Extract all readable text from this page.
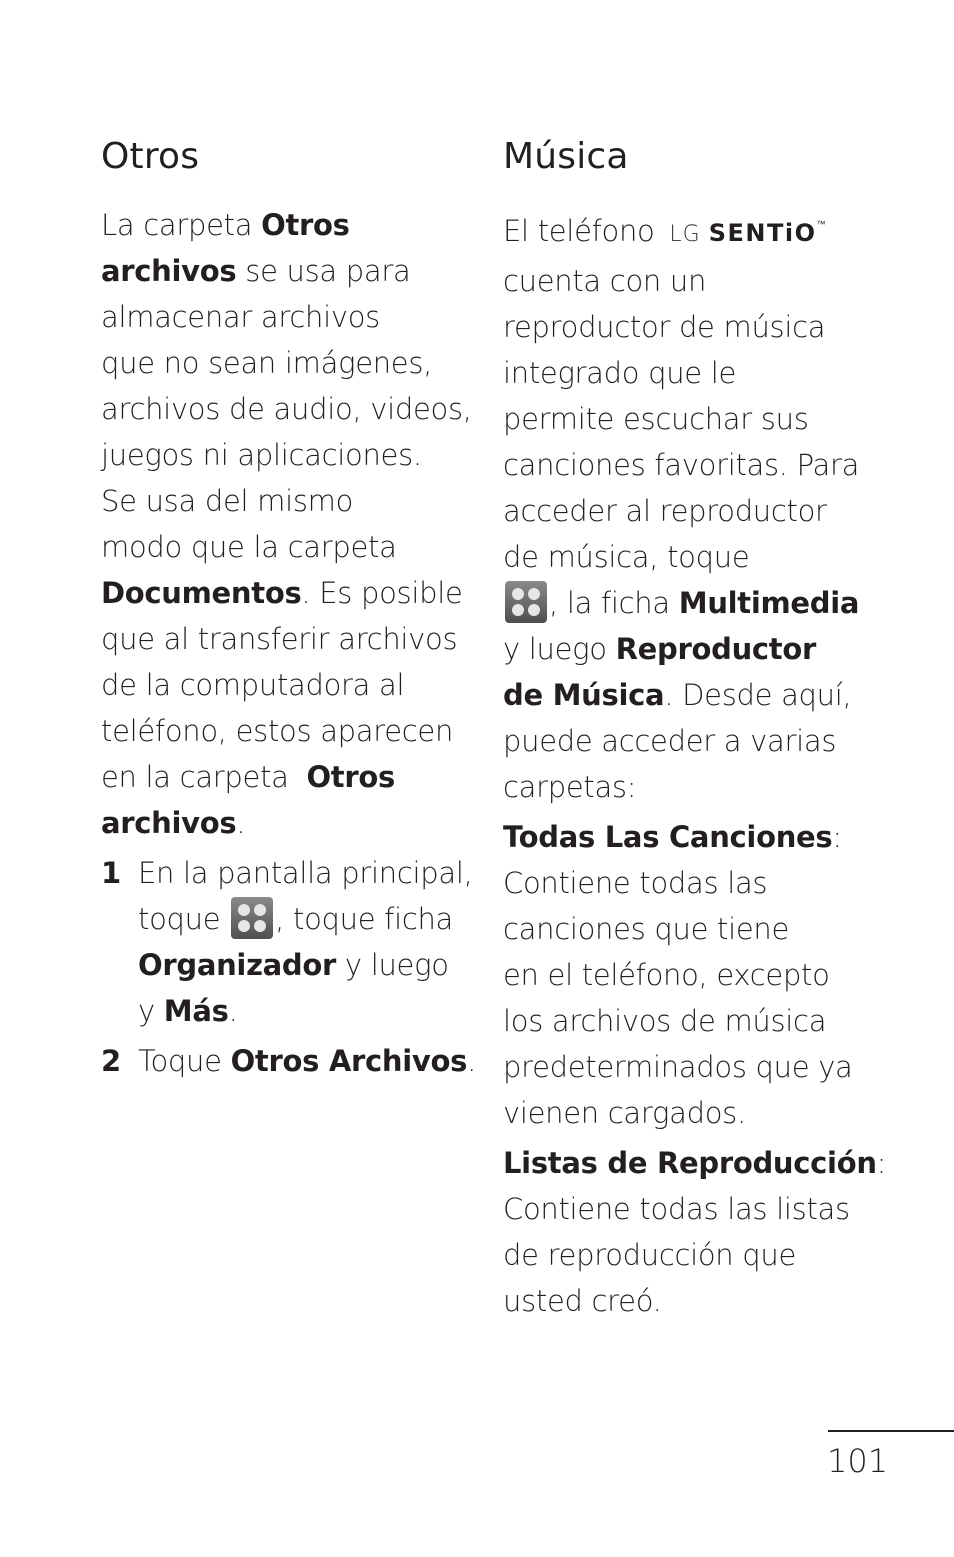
Otros

La carpeta Otros
archivos se usa para
almacenar archivos
que no sean imágenes,
archivos de audio, videos,
juegos ni aplicaciones.
Se usa del mismo
modo que la carpeta
Documentos. Es posible
que al transferir archivos
de la computadora al
teléfono, estos aparecen
en la carpeta  Otros
archivos.

1 En la pantalla principal,
toque
, toque ficha
Organizador y luego
y Más.
2 Toque Otros Archivos.
Música

El teléfono LG SENTiO™
cuenta con un
reproductor de música
integrado que le
permite escuchar sus
canciones favoritas. Para
acceder al reproductor
de música, toque
, la ficha Multimedia
y luego Reproductor
de Música. Desde aquí,
puede acceder a varias
carpetas:

Todas Las Canciones:
Contiene todas las
canciones que tiene
en el teléfono, excepto
los archivos de música
predeterminados que ya
vienen cargados.

Listas de Reproducción:
Contiene todas las listas
de reproducción que
usted creó.

101
